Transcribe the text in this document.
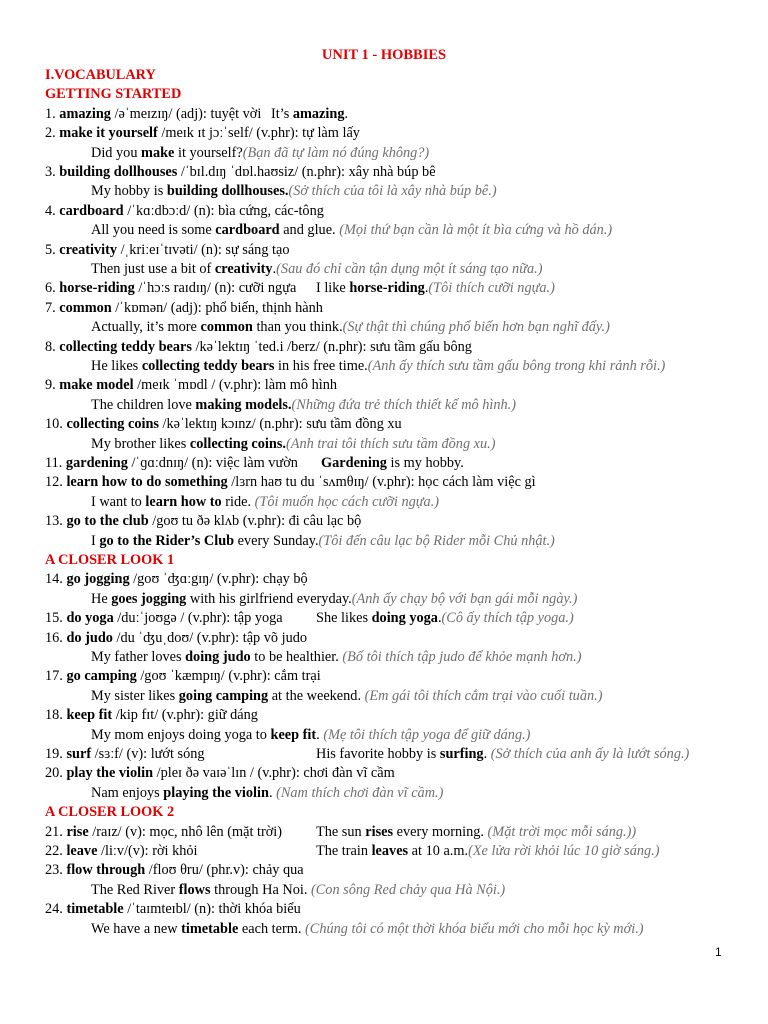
UNIT 1 - HOBBIES
I.VOCABULARY
GETTING STARTED
1. amazing /əˈmeɪzɪŋ/ (adj): tuyệt vời It’s amazing.
2. make it yourself /meɪk ɪt jɔːˈself/ (v.phr): tự làm lấy
Did you make it yourself?(Bạn đã tự làm nó đúng không?)
3. building dollhouses /ˈbɪl.dɪŋ ˈdɒl.haʊsiz/ (n.phr): xây nhà búp bê
My hobby is building dollhouses.(Sở thích của tôi là xây nhà búp bê.)
4. cardboard /ˈkɑːdbɔːd/ (n): bìa cứng, các-tông
All you need is some cardboard and glue. (Mọi thứ bạn cần là một ít bìa cứng và hồ dán.)
5. creativity /ˌkriːeɪˈtɪvəti/ (n): sự sáng tạo
Then just use a bit of creativity.(Sau đó chỉ cần tận dụng một ít sáng tạo nữa.)
6. horse-riding /ˈhɔːs raɪdɪŋ/ (n): cưỡi ngựa I like horse-riding.(Tôi thích cưỡi ngựa.)
7. common /ˈkɒmən/ (adj): phổ biến, thịnh hành
Actually, it’s more common than you think.(Sự thật thì chúng phổ biến hơn bạn nghĩ đấy.)
8. collecting teddy bears /kəˈlektɪŋ ˈted.i /berz/ (n.phr): sưu tầm gấu bông
He likes collecting teddy bears in his free time.(Anh ấy thích sưu tầm gấu bông trong khi rảnh rỗi.)
9. make model /meɪk ˈmɒdl / (v.phr): làm mô hình
The children love making models.(Những đứa trẻ thích thiết kế mô hình.)
10. collecting coins /kəˈlektɪŋ kɔɪnz/ (n.phr): sưu tầm đồng xu
My brother likes collecting coins.(Anh trai tôi thích sưu tầm đồng xu.)
11. gardening /ˈɡɑːdnɪŋ/ (n): việc làm vườn Gardening is my hobby.
12. learn how to do something /lɜrn haʊ tu du ˈsʌmθɪŋ/ (v.phr): học cách làm việc gì
I want to learn how to ride. (Tôi muốn học cách cưỡi ngựa.)
13. go to the club /goʊ tu ðə klʌb (v.phr): đi câu lạc bộ
I go to the Rider’s Club every Sunday.(Tôi đến câu lạc bộ Rider mỗi Chủ nhật.)
A CLOSER LOOK 1
14. go jogging /goʊ ˈʤɑːgɪŋ/ (v.phr): chạy bộ
He goes jogging with his girlfriend everyday.(Anh ấy chạy bộ với bạn gái mỗi ngày.)
15. do yoga /duːˈjoʊgə / (v.phr): tập yoga She likes doing yoga.(Cô ấy thích tập yoga.)
16. do judo /du ˈʤuˌdoʊ/ (v.phr): tập võ judo
My father loves doing judo to be healthier. (Bố tôi thích tập judo để khỏe mạnh hơn.)
17. go camping /goʊ ˈkæmpɪŋ/ (v.phr): cắm trại
My sister likes going camping at the weekend. (Em gái tôi thích cắm trại vào cuối tuần.)
18. keep fit /kip fɪt/ (v.phr): giữ dáng
My mom enjoys doing yoga to keep fit. (Mẹ tôi thích tập yoga để giữ dáng.)
19. surf /sɜːf/ (v): lướt sóng	His favorite hobby is surfing. (Sở thích của anh ấy là lướt sóng.)
20. play the violin /pleɪ ðə vaɪəˈlɪn / (v.phr): chơi đàn vĩ cầm
Nam enjoys playing the violin. (Nam thích chơi đàn vĩ cầm.)
A CLOSER LOOK 2
21. rise /raɪz/ (v): mọc, nhô lên (mặt trời) The sun rises every morning. (Mặt trời mọc mỗi sáng.))
22. leave /liːv/(v): rời khỏi	The train leaves at 10 a.m.(Xe lửa rời khỏi lúc 10 giờ sáng.)
23. flow through /floʊ θru/ (phr.v): chảy qua
The Red River flows through Ha Noi. (Con sông Red chảy qua Hà Nội.)
24. timetable /ˈtaɪmteɪbl/ (n): thời khóa biểu
We have a new timetable each term. (Chúng tôi có một thời khóa biểu mới cho mỗi học kỳ mới.)
1
